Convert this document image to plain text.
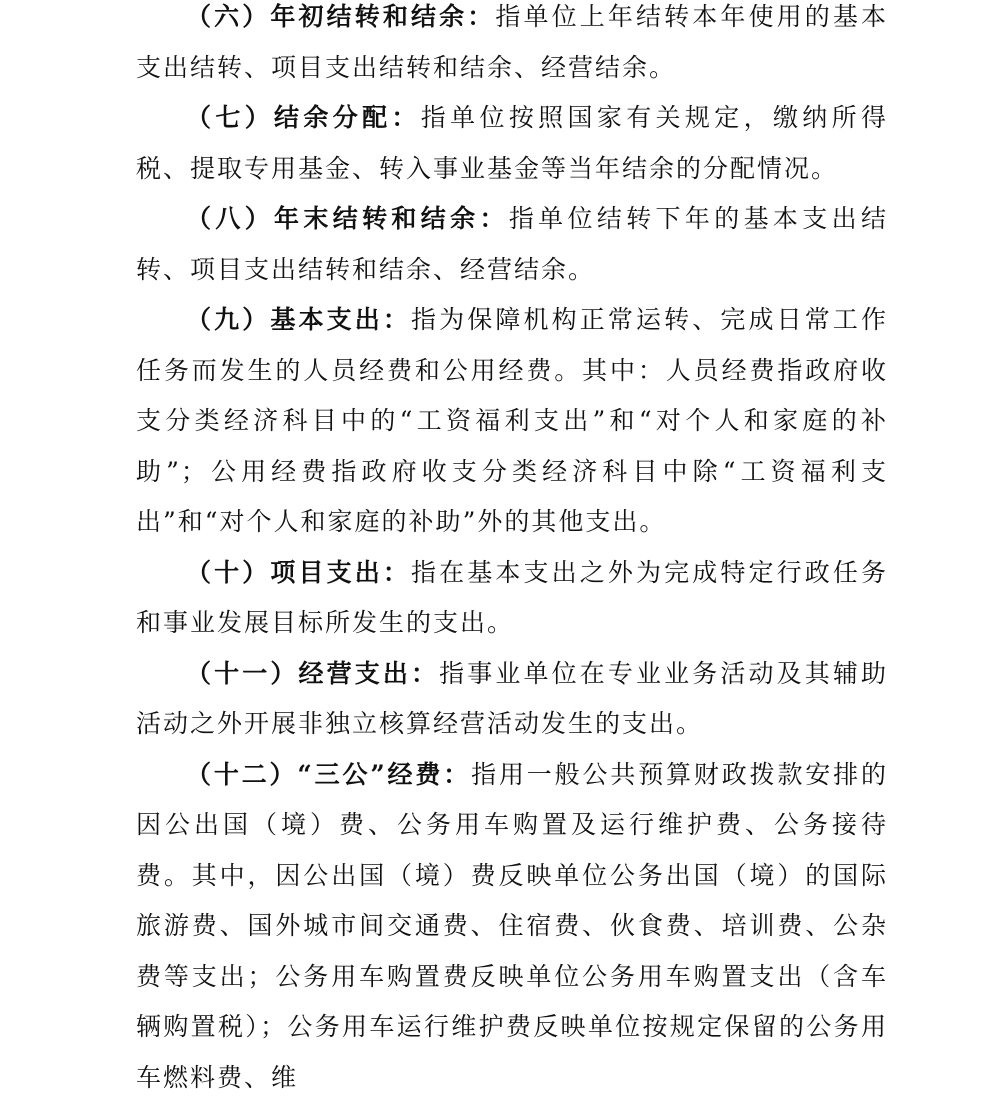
（六）年初结转和结余：指单位上年结转本年使用的基本支出结转、项目支出结转和结余、经营结余。

（七）结余分配：指单位按照国家有关规定，缴纳所得税、提取专用基金、转入事业基金等当年结余的分配情况。

（八）年末结转和结余：指单位结转下年的基本支出结转、项目支出结转和结余、经营结余。

（九）基本支出：指为保障机构正常运转、完成日常工作任务而发生的人员经费和公用经费。其中：人员经费指政府收支分类经济科目中的“工资福利支出”和“对个人和家庭的补助”；公用经费指政府收支分类经济科目中除“工资福利支出”和“对个人和家庭的补助”外的其他支出。

（十）项目支出：指在基本支出之外为完成特定行政任务和事业发展目标所发生的支出。

（十一）经营支出：指事业单位在专业业务活动及其辅助活动之外开展非独立核算经营活动发生的支出。

（十二）“三公”经费：指用一般公共预算财政拨款安排的因公出国（境）费、公务用车购置及运行维护费、公务接待费。其中，因公出国（境）费反映单位公务出国（境）的国际旅游费、国外城市间交通费、住宿费、伙食费、培训费、公杂费等支出；公务用车购置费反映单位公务用车购置支出（含车辆购置税）；公务用车运行维护费反映单位按规定保留的公务用车燃料费、维
